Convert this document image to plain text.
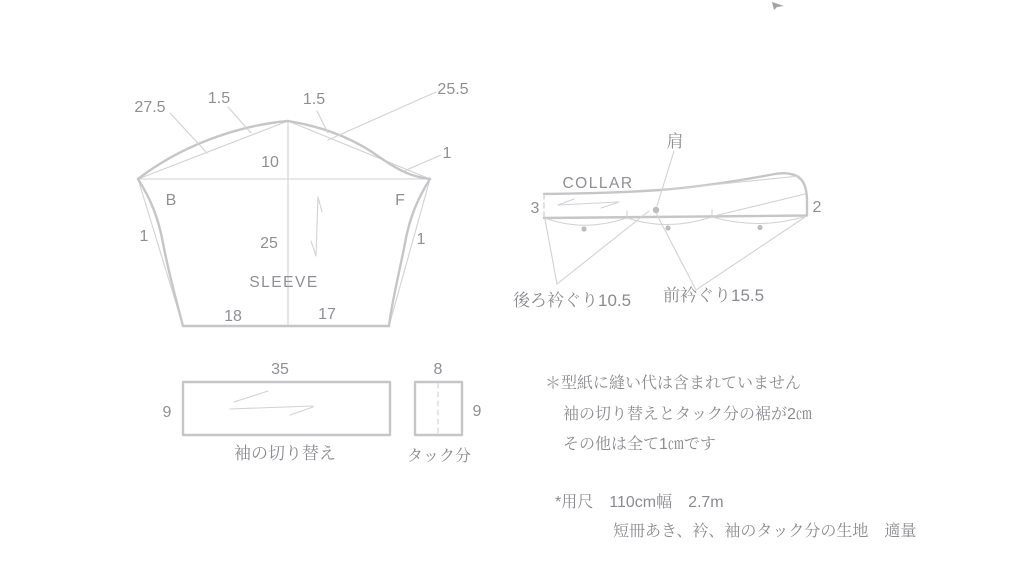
27.5
1.5	1.5
25.5
1
10
B	F
1	1
25
SLEEVE
18	17
COLLAR
肩
3	2
後ろ衿ぐり10.5 前衿ぐり15.5
35
9
袖の切り替え
8
9
タック分
＊型紙に縫い代は含まれていません
袖の切り替えとタック分の裾が2㎝
その他は全て1㎝です
*用尺　110cm幅　2.7m
短冊あき、衿、袖のタック分の生地　適量
